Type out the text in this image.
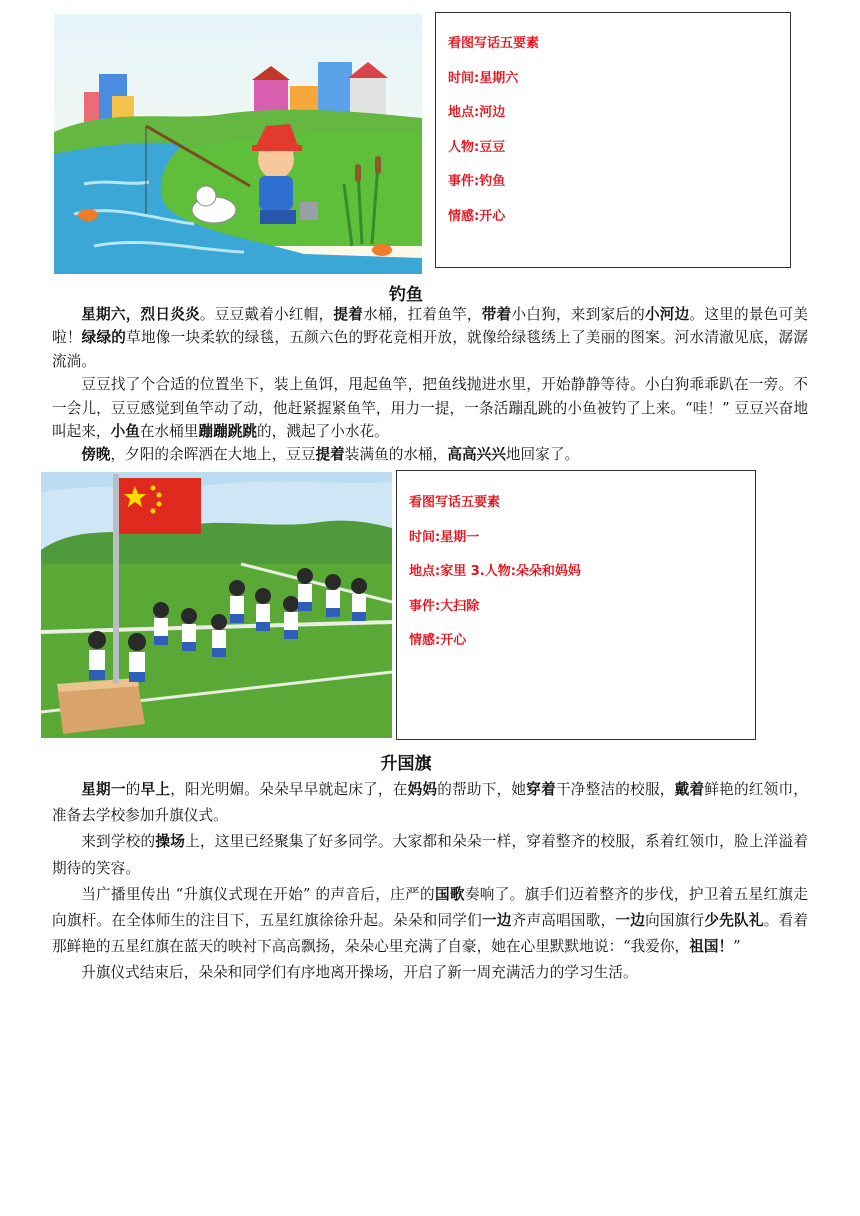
看图写话五要素
时间:星期六
地点:河边
人物:豆豆
事件:钓鱼
情感:开心
钓鱼

星期六，烈日炎炎。豆豆戴着小红帽，提着水桶，扛着鱼竿，带着小白狗，来到家后的小河边。这里的景色可美啦！绿绿的草地像一块柔软的绿毯，五颜六色的野花竞相开放，就像给绿毯绣上了美丽的图案。河水清澈见底，潺潺流淌。

豆豆找了个合适的位置坐下，装上鱼饵，甩起鱼竿，把鱼线抛进水里，开始静静等待。小白狗乖乖趴在一旁。不一会儿，豆豆感觉到鱼竿动了动，他赶紧握紧鱼竿，用力一提，一条活蹦乱跳的小鱼被钓了上来。“哇！” 豆豆兴奋地叫起来，小鱼在水桶里蹦蹦跳跳的，溅起了小水花。

傍晚，夕阳的余晖洒在大地上，豆豆提着装满鱼的水桶，高高兴兴地回家了。

看图写话五要素
时间:星期一
地点:家里 3.人物:朵朵和妈妈
事件:大扫除
情感:开心
升国旗

星期一的早上，阳光明媚。朵朵早早就起床了，在妈妈的帮助下，她穿着干净整洁的校服，戴着鲜艳的红领巾，准备去学校参加升旗仪式。

来到学校的操场上，这里已经聚集了好多同学。大家都和朵朵一样，穿着整齐的校服，系着红领巾，脸上洋溢着期待的笑容。

当广播里传出 “升旗仪式现在开始” 的声音后，庄严的国歌奏响了。旗手们迈着整齐的步伐，护卫着五星红旗走向旗杆。在全体师生的注目下，五星红旗徐徐升起。朵朵和同学们一边齐声高唱国歌，一边向国旗行少先队礼。看着那鲜艳的五星红旗在蓝天的映衬下高高飘扬，朵朵心里充满了自豪，她在心里默默地说：“我爱你，祖国！”

升旗仪式结束后，朵朵和同学们有序地离开操场，开启了新一周充满活力的学习生活。
